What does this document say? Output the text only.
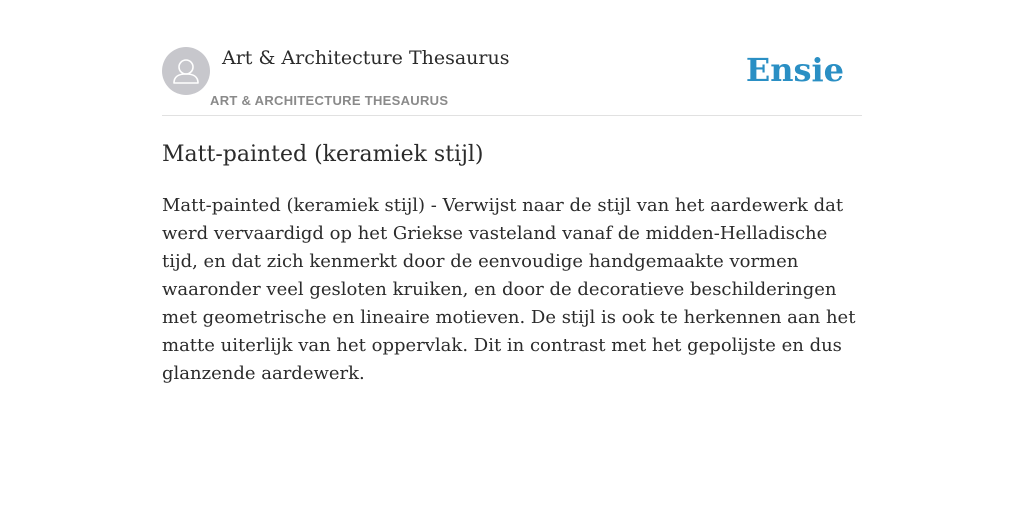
Art & Architecture Thesaurus
ART & ARCHITECTURE THESAURUS
Ensie
Matt-painted (keramiek stijl)

Matt-painted (keramiek stijl) - Verwijst naar de stijl van het aardewerk dat werd vervaardigd op het Griekse vasteland vanaf de midden-Helladische tijd, en dat zich kenmerkt door de eenvoudige handgemaakte vormen waaronder veel gesloten kruiken, en door de decoratieve beschilderingen met geometrische en lineaire motieven. De stijl is ook te herkennen aan het matte uiterlijk van het oppervlak. Dit in contrast met het gepolijste en dus glanzende aardewerk.
